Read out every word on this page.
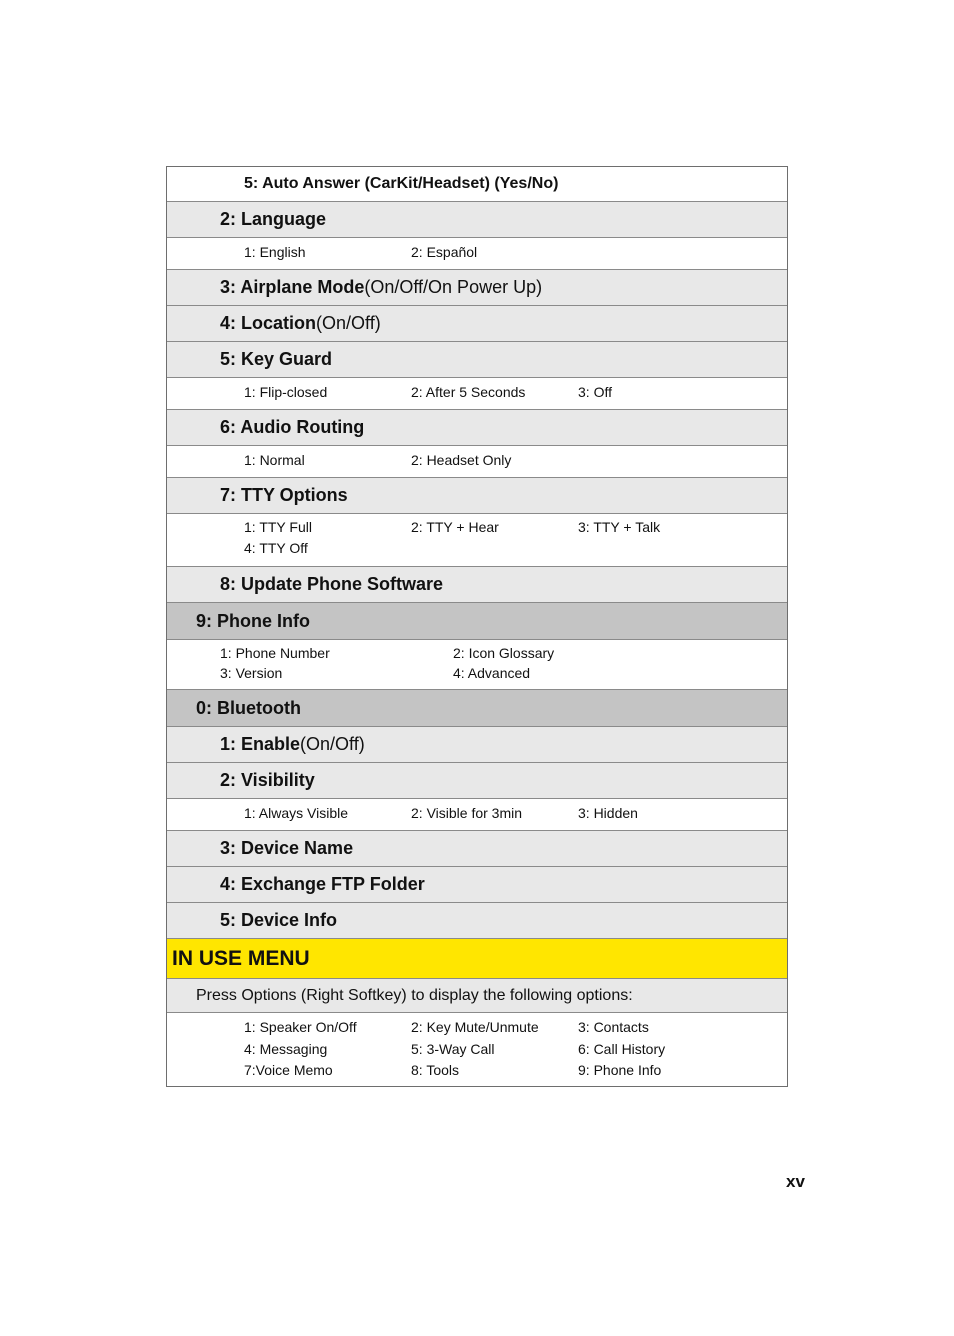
5: Auto Answer (CarKit/Headset) (Yes/No)
2: Language
1: English	2: Español
3: Airplane Mode (On/Off/On Power Up)
4: Location (On/Off)
5: Key Guard
1: Flip-closed	2: After 5 Seconds	3: Off
6: Audio Routing
1: Normal	2: Headset Only
7: TTY Options
1: TTY Full	2: TTY + Hear	3: TTY + Talk
4: TTY Off
8: Update Phone Software
9: Phone Info
1: Phone Number	2: Icon Glossary
3: Version	4: Advanced
0: Bluetooth
1: Enable (On/Off)
2: Visibility
1: Always Visible	2: Visible for 3min	3: Hidden
3: Device Name
4: Exchange FTP Folder
5: Device Info
IN USE MENU
Press Options (Right Softkey) to display the following options:
1: Speaker On/Off	2: Key Mute/Unmute	3: Contacts
4: Messaging	5: 3-Way Call	6: Call History
7:Voice Memo	8: Tools	9: Phone Info
xv
